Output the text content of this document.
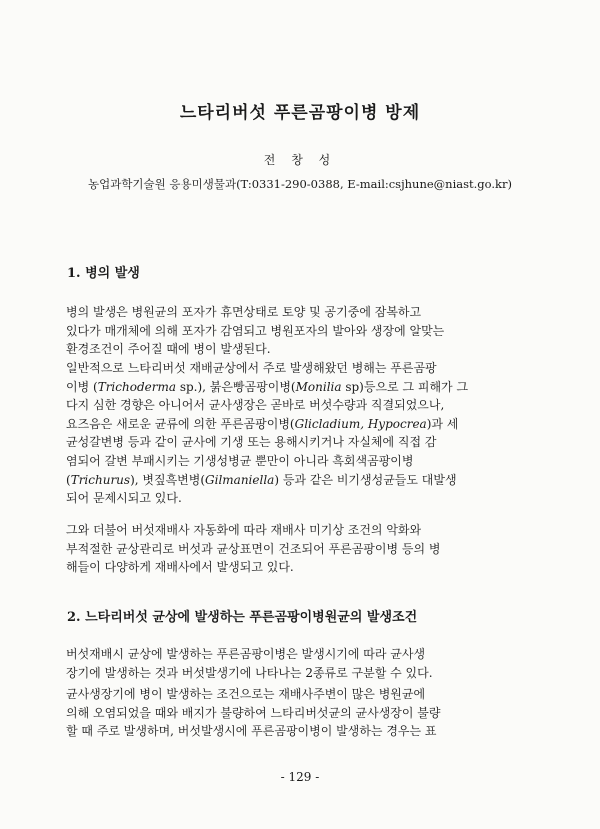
느타리버섯 푸른곰팡이병 방제
전 창 성
농업과학기술원 응용미생물과(T:0331-290-0388, E-mail:csjhune@niast.go.kr)
1. 병의 발생
병의 발생은 병원균의 포자가 휴면상태로 토양 및 공기중에 잠복하고
있다가 매개체에 의해 포자가 감염되고 병원포자의 발아와 생장에 알맞는
환경조건이 주어질 때에 병이 발생된다.
일반적으로 느타리버섯 재배균상에서 주로 발생해왔던 병해는 푸른곰팡
이병 (Trichoderma sp.), 붉은빵곰팡이병(Monilia sp)등으로 그 피해가 그
다지 심한 경향은 아니어서 균사생장은 곧바로 버섯수량과 직결되었으나,
요즈음은 새로운 균류에 의한 푸른곰팡이병(Glicladium, Hypocrea)과 세
균성갈변병 등과 같이 균사에 기생 또는 용해시키거나 자실체에 직접 감
염되어 갈변 부패시키는 기생성병균 뿐만이 아니라 흑회색곰팡이병
(Trichurus), 볏짚흑변병(Gilmaniella) 등과 같은 비기생성균들도 대발생
되어 문제시되고 있다.
그와 더불어 버섯재배사 자동화에 따라 재배사 미기상 조건의 악화와
부적절한 균상관리로 버섯과 균상표면이 건조되어 푸른곰팡이병 등의 병
해들이 다양하게 재배사에서 발생되고 있다.
2. 느타리버섯 균상에 발생하는 푸른곰팡이병원균의 발생조건
버섯재배시 균상에 발생하는 푸른곰팡이병은 발생시기에 따라 균사생
장기에 발생하는 것과 버섯발생기에 나타나는 2종류로 구분할 수 있다.
균사생장기에 병이 발생하는 조건으로는 재배사주변이 많은 병원균에
의해 오염되었을 때와 배지가 불량하여 느타리버섯균의 균사생장이 불량
할 때 주로 발생하며, 버섯발생시에 푸른곰팡이병이 발생하는 경우는 표
- 129 -
